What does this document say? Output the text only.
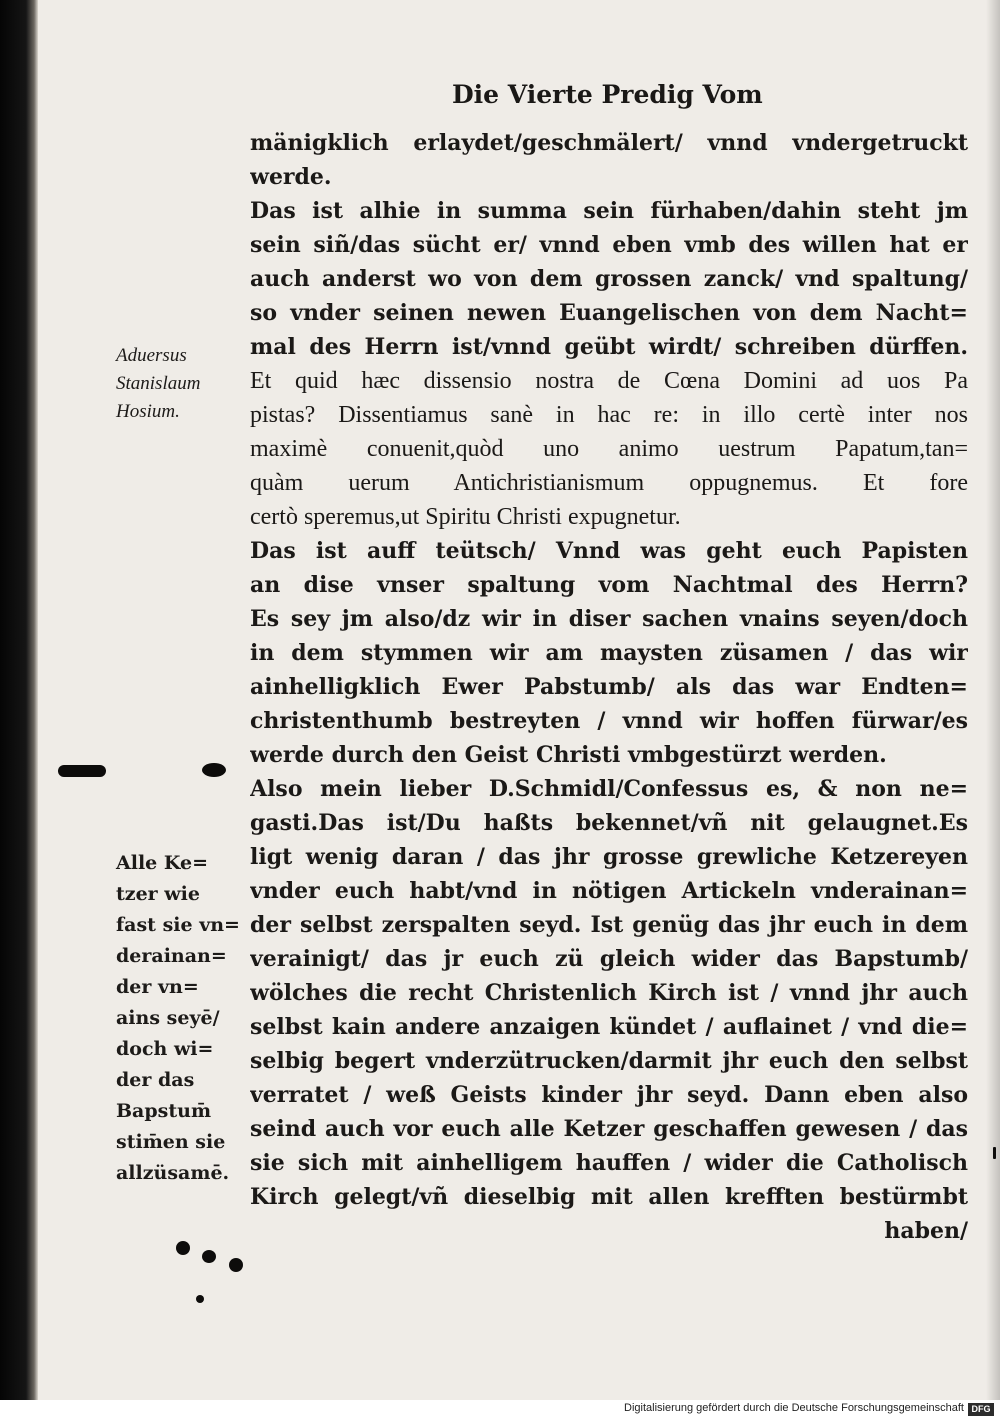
Die Vierte Predig Vom
mänigklich erlaydet/geschmälert/ vnnd vndergetruckt
werde.
Das ist alhie in summa sein fürhaben/dahin steht jm
sein siñ/das sücht er/ vnnd eben vmb des willen hat er
auch anderst wo von dem grossen zanck/ vnd spaltung/
so vnder seinen newen Euangelischen von dem Nacht=
mal des Herrn ist/vnnd geübt wirdt/ schreiben dürffen.
Et quid hæc dissensio nostra de Cœna Domini ad uos Pa
pistas? Dissentiamus sanè in hac re: in illo certè inter nos
maximè conuenit,quòd uno animo uestrum Papatum,tan=
quàm uerum Antichristianismum oppugnemus. Et fore
certò speremus,ut Spiritu Christi expugnetur.
Das ist auff teütsch/ Vnnd was geht euch Papisten
an dise vnser spaltung vom Nachtmal des Herrn?
Es sey jm also/dz wir in diser sachen vnains seyen/doch
in dem stymmen wir am maysten züsamen / das wir
ainhelligklich Ewer Pabstumb/ als das war Endten=
christenthumb bestreyten / vnnd wir hoffen fürwar/es
werde durch den Geist Christi vmbgestürzt werden.
Also mein lieber D.Schmidl/Confessus es, & non ne=
gasti.Das ist/Du haßts bekennet/vñ nit gelaugnet.Es
ligt wenig daran / das jhr grosse grewliche Ketzereyen
vnder euch habt/vnd in nötigen Artickeln vnderainan=
der selbst zerspalten seyd. Ist genüg das jhr euch in dem
verainigt/ das jr euch zü gleich wider das Bapstumb/
wölches die recht Christenlich Kirch ist / vnnd jhr auch
selbst kain andere anzaigen kündet / auflainet / vnd die=
selbig begert vnderzütrucken/darmit jhr euch den selbst
verratet / weß Geists kinder jhr seyd. Dann eben also
seind auch vor euch alle Ketzer geschaffen gewesen / das
sie sich mit ainhelligem hauffen / wider die Catholisch
Kirch gelegt/vñ dieselbig mit allen krefften bestürmbt
haben/
Aduersus
Stanislaum
Hosium.
Alle Ke=
tzer wie
fast sie vn=
derainan=
der vn=
ains seyē/
doch wi=
der das
Bapstum̄
stim̄en sie
allzüsamē.
Digitalisierung gefördert durch die Deutsche Forschungsgemeinschaft DFG
